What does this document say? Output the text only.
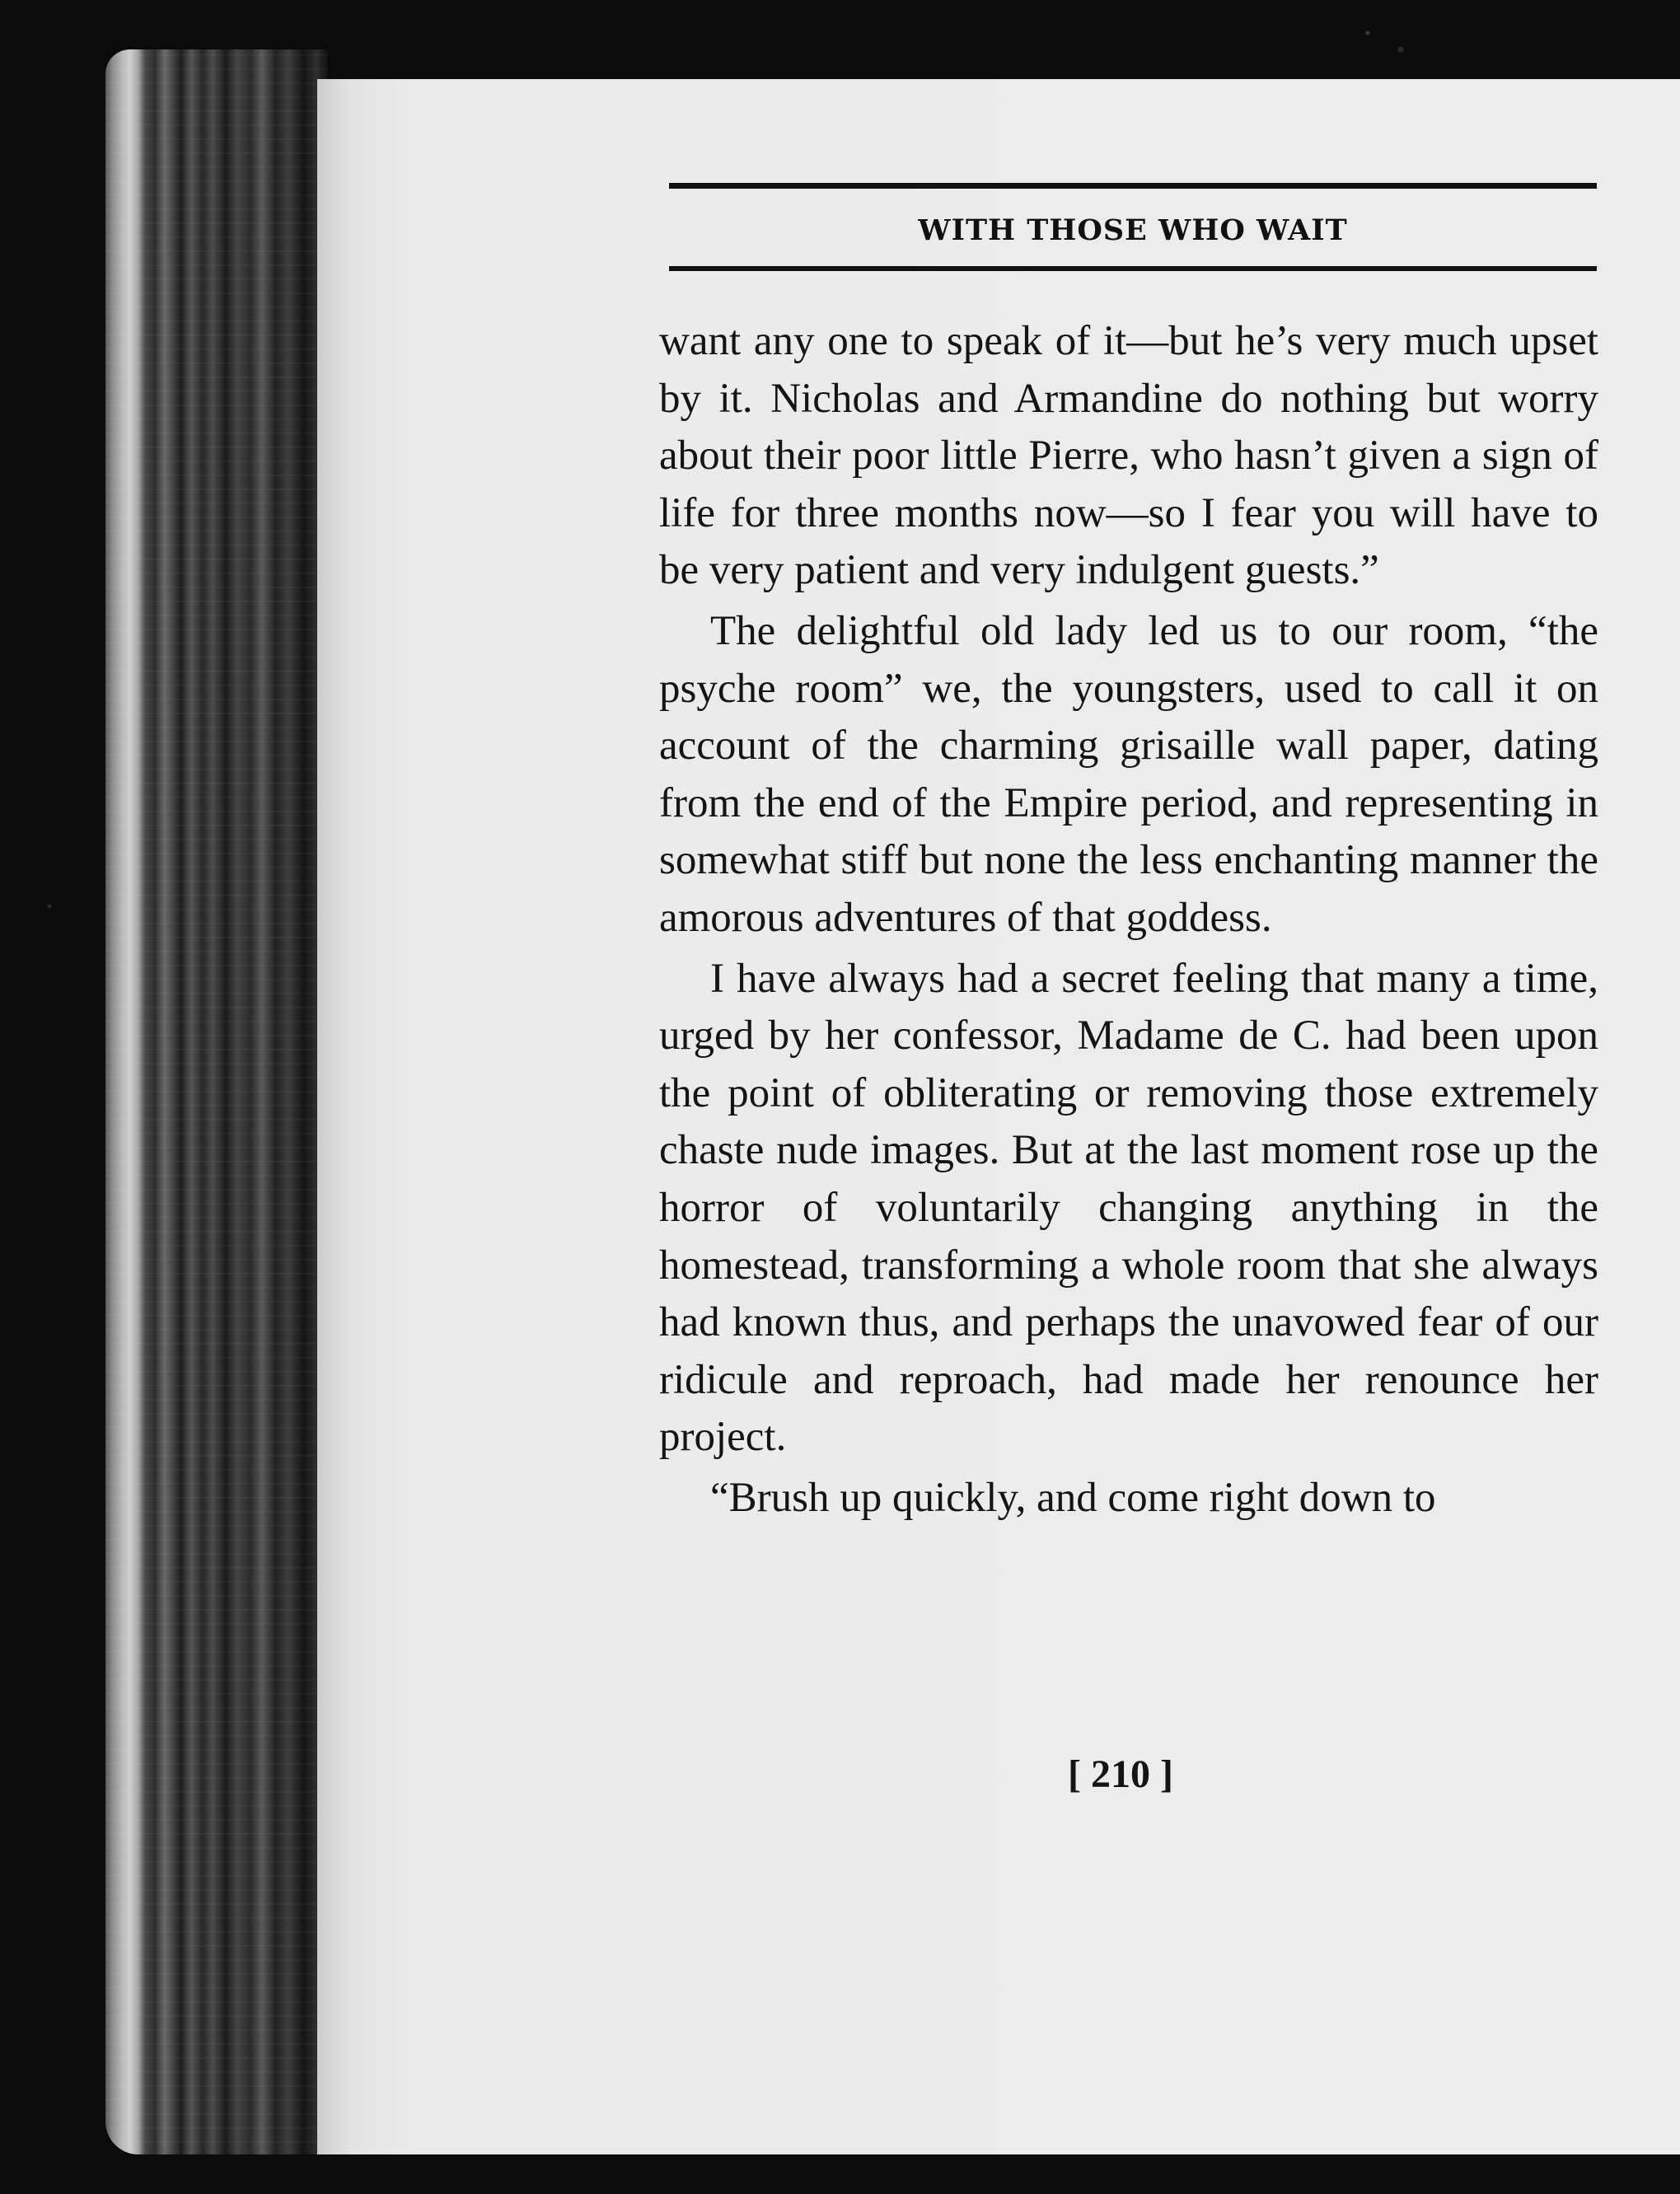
WITH THOSE WHO WAIT

want any one to speak of it—but he’s very much upset by it. Nicholas and Armandine do nothing but worry about their poor little Pierre, who hasn’t given a sign of life for three months now—so I fear you will have to be very patient and very indulgent guests.”

The delightful old lady led us to our room, “the psyche room” we, the youngsters, used to call it on account of the charming grisaille wall paper, dating from the end of the Empire period, and representing in somewhat stiff but none the less enchanting manner the amorous adventures of that goddess.

I have always had a secret feeling that many a time, urged by her confessor, Madame de C. had been upon the point of obliterating or removing those extremely chaste nude images. But at the last moment rose up the horror of voluntarily changing anything in the homestead, transforming a whole room that she always had known thus, and perhaps the unavowed fear of our ridicule and reproach, had made her renounce her project.

“Brush up quickly, and come right down to

[ 210 ]
